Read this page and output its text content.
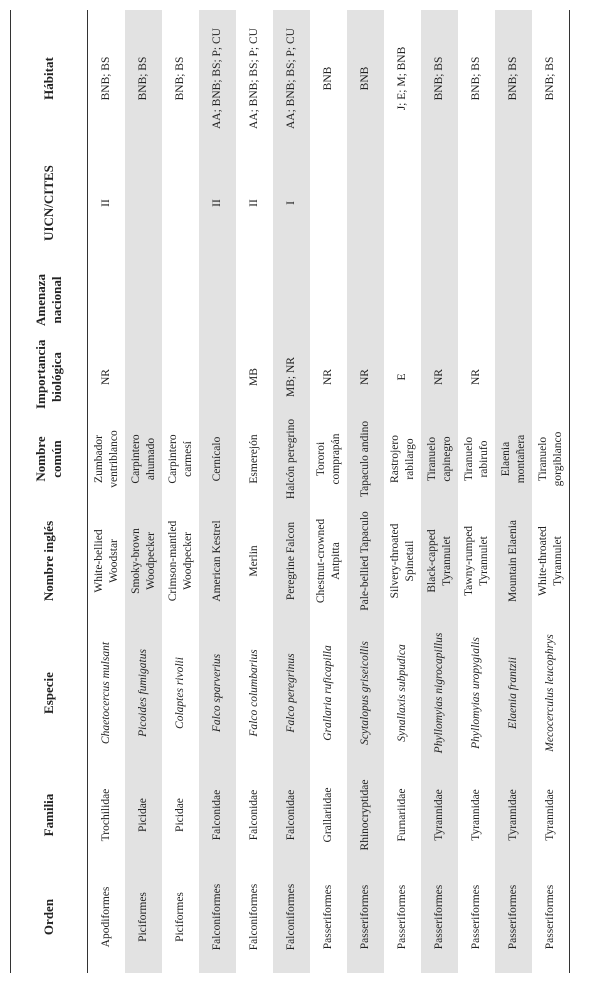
Orden	Familia	Especie	Nombre inglés	Nombre común	Importancia biológica	Amenaza nacional	UICN/CITES	Hábitat
Apodiformes	Trochilidae	Chaetocercus mulsant	White-bellied Woodstar	Zumbador ventriblanco	NR		II	BNB; BS
Piciformes	Picidae	Picoides fumigatus	Smoky-brown Woodpecker	Carpintero ahumado				BNB; BS
Piciformes	Picidae	Colaptes rivolii	Crimson-mantled Woodpecker	Carpintero carmesí				BNB; BS
Falconiformes	Falconidae	Falco sparverius	American Kestrel	Cernícalo			II	AA; BNB; BS; P; CU
Falconiformes	Falconidae	Falco columbarius	Merlin	Esmerejón	MB		II	AA; BNB; BS; P; CU
Falconiformes	Falconidae	Falco peregrinus	Peregrine Falcon	Halcón peregrino	MB; NR		I	AA; BNB; BS; P; CU
Passeriformes	Grallariidae	Grallaria ruficapilla	Chestnut-crowned Antpitta	Tororoi comprapán	NR			BNB
Passeriformes	Rhinocryptidae	Scytalopus griseicollis	Pale-bellied Tapaculo	Tapaculo andino	NR			BNB
Passeriformes	Furnariidae	Synallaxis subpudica	Silvery-throated Spinetail	Rastrojero rabilargo	E			J; E; M; BNB
Passeriformes	Tyrannidae	Phyllomyias nigrocapillus	Black-capped Tyrannulet	Tiranuelo capinegro	NR			BNB; BS
Passeriformes	Tyrannidae	Phyllomyias uropygialis	Tawny-rumped Tyrannulet	Tiranuelo rabirufo	NR			BNB; BS
Passeriformes	Tyrannidae	Elaenia frantzii	Mountain Elaenia	Elaenia montañera				BNB; BS
Passeriformes	Tyrannidae	Mecocerculus leucophrys	White-throated Tyrannulet	Tiranuelo gorgiblanco				BNB; BS
